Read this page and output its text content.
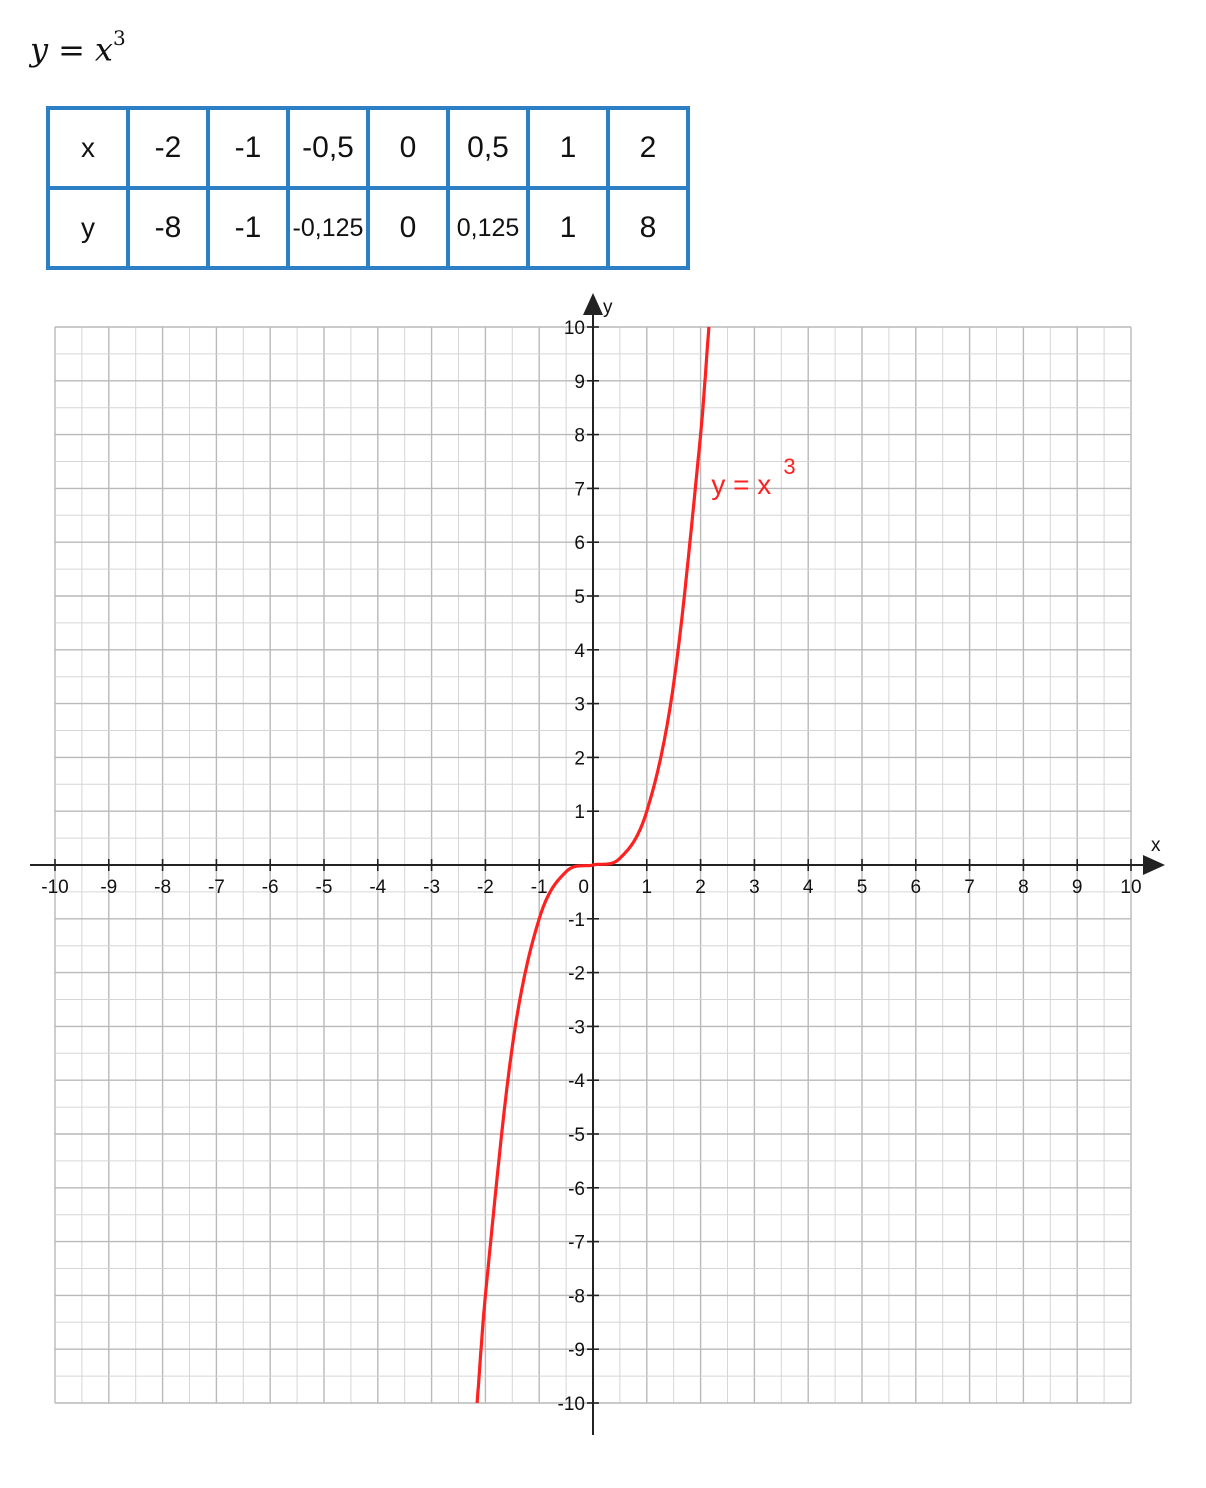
$y = x^3$
x	-2	-1	-0,5	0	0,5	1	2
y	-8	-1	-0,125	0	0,125	1	8
x
y
-10 -9 -8 -7 -6 -5 -4 -3 -2 -1 0	1 2 3 4 5 6 7 8 9 10
10
9
8
7
6
5
4
3
2
1
-1
-2
-3
-4
-5
-6
-7
-8
-9
-10
y = x
3
